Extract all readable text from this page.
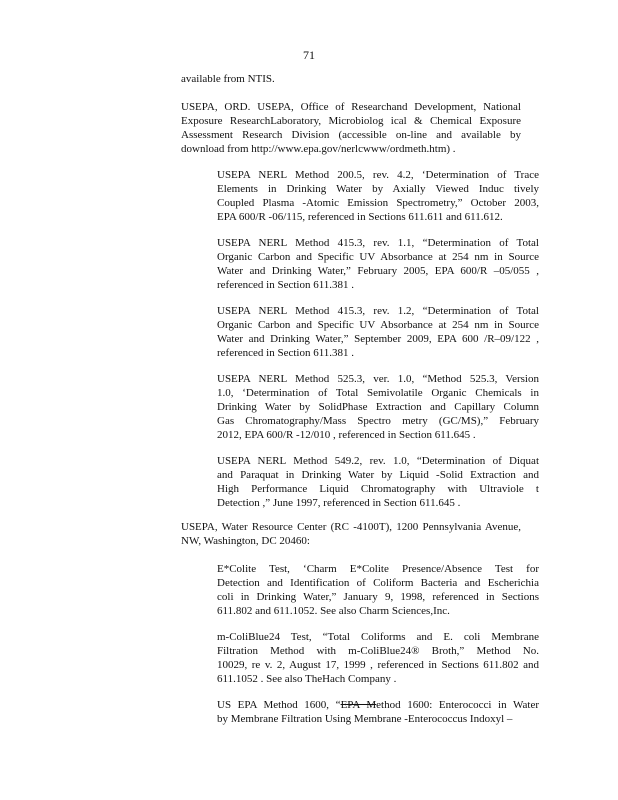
71
available from NTIS.
USEPA, ORD. USEPA, Office of Researchand Development, National
Exposure ResearchLaboratory, Microbiolog ical & Chemical Exposure
Assessment Research Division (accessible on-line and available by
download from http://www.epa.gov/nerlcwww/ordmeth.htm) .
USEPA NERL Method 200.5, rev. 4.2, ‘Determination of Trace
Elements in Drinking Water by Axially Viewed Induc tively
Coupled Plasma -Atomic Emission Spectrometry,” October 2003,
EPA 600/R -06/115, referenced in Sections 611.611 and 611.612.
USEPA NERL Method 415.3, rev. 1.1, “Determination of Total
Organic Carbon and Specific UV Absorbance at 254 nm in Source
Water and Drinking Water,” February 2005, EPA 600/R –05/055 ,
referenced in Section 611.381 .
USEPA NERL Method 415.3, rev. 1.2, “Determination of Total
Organic Carbon and Specific UV Absorbance at 254 nm in Source
Water and Drinking Water,” September 2009, EPA 600 /R–09/122 ,
referenced in Section 611.381 .
USEPA NERL Method 525.3, ver. 1.0, “Method 525.3, Version
1.0, ‘Determination of Total Semivolatile Organic Chemicals in
Drinking Water by SolidPhase Extraction and Capillary Column
Gas Chromatography/Mass Spectro metry (GC/MS),” February
2012, EPA 600/R -12/010 , referenced in Section 611.645 .
USEPA NERL Method 549.2, rev. 1.0, “Determination of Diquat
and Paraquat in Drinking Water by Liquid -Solid Extraction and
High Performance Liquid Chromatography with Ultraviole t
Detection ,” June 1997, referenced in Section 611.645 .
USEPA, Water Resource Center (RC -4100T), 1200 Pennsylvania Avenue,
NW, Washington, DC 20460:
E*Colite Test, ‘Charm E*Colite Presence/Absence Test for
Detection and Identification of Coliform Bacteria and Escherichia
coli in Drinking Water,” January 9, 1998, referenced in Sections
611.802 and 611.1052. See also Charm Sciences,Inc.
m-ColiBlue24 Test, “Total Coliforms and E. coli Membrane
Filtration Method with m-ColiBlue24® Broth,” Method No.
10029, re v. 2, August 17, 1999 , referenced in Sections 611.802 and
611.1052 . See also TheHach Company .
US EPA Method 1600, “EPA Method 1600: Enterococci in Water
by Membrane Filtration Using Membrane -Enterococcus Indoxyl –
